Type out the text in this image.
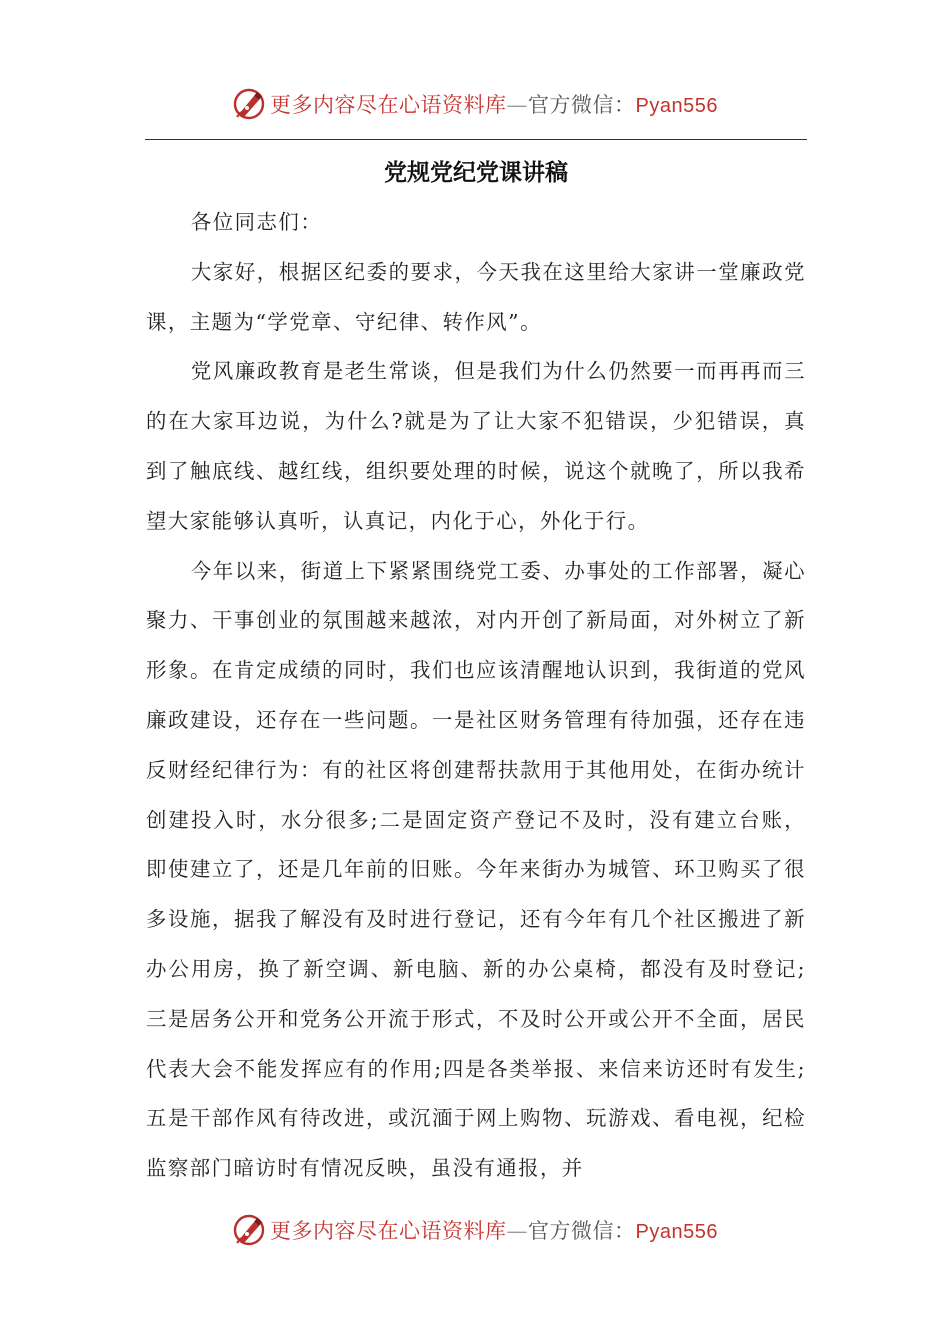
更多内容尽在心语资料库—官方微信：Pyan556
党规党纪党课讲稿

各位同志们：

大家好，根据区纪委的要求，今天我在这里给大家讲一堂廉政党课，主题为“学党章、守纪律、转作风”。

党风廉政教育是老生常谈，但是我们为什么仍然要一而再再而三的在大家耳边说，为什么?就是为了让大家不犯错误，少犯错误，真到了触底线、越红线，组织要处理的时候，说这个就晚了，所以我希望大家能够认真听，认真记，内化于心，外化于行。

今年以来，街道上下紧紧围绕党工委、办事处的工作部署，凝心聚力、干事创业的氛围越来越浓，对内开创了新局面，对外树立了新形象。在肯定成绩的同时，我们也应该清醒地认识到，我街道的党风廉政建设，还存在一些问题。一是社区财务管理有待加强，还存在违反财经纪律行为：有的社区将创建帮扶款用于其他用处，在街办统计创建投入时，水分很多;二是固定资产登记不及时，没有建立台账，即使建立了，还是几年前的旧账。今年来街办为城管、环卫购买了很多设施，据我了解没有及时进行登记，还有今年有几个社区搬进了新办公用房，换了新空调、新电脑、新的办公桌椅，都没有及时登记;三是居务公开和党务公开流于形式，不及时公开或公开不全面，居民代表大会不能发挥应有的作用;四是各类举报、来信来访还时有发生;五是干部作风有待改进，或沉湎于网上购物、玩游戏、看电视，纪检监察部门暗访时有情况反映，虽没有通报，并

更多内容尽在心语资料库—官方微信：Pyan556
